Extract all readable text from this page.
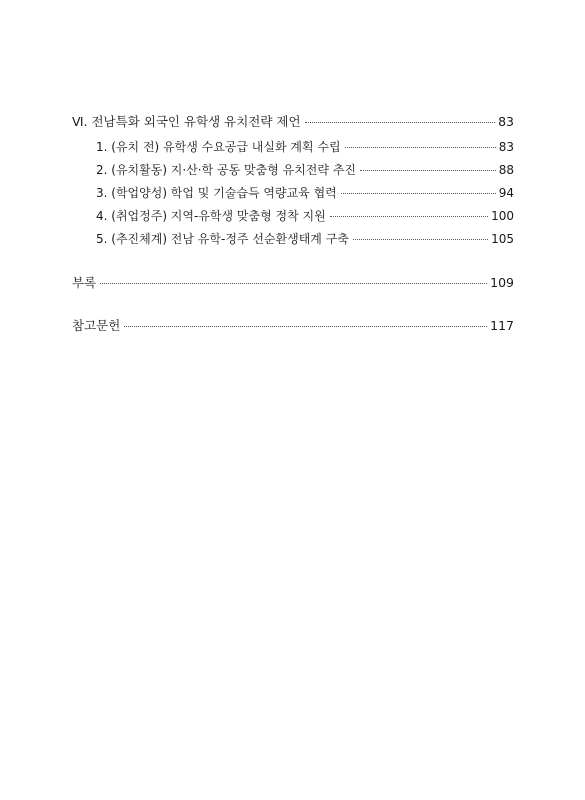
Ⅵ. 전남특화 외국인 유학생 유치전략 제언	83
1. (유치 전) 유학생 수요공급 내실화 계획 수립	83
2. (유치활동) 지·산·학 공동 맞춤형 유치전략 추진	88
3. (학업양성) 학업 및 기술습득 역량교육 협력	94
4. (취업정주) 지역-유학생 맞춤형 정착 지원	100
5. (추진체계) 전남 유학-정주 선순환생태계 구축	105
부록	109
참고문헌	117
